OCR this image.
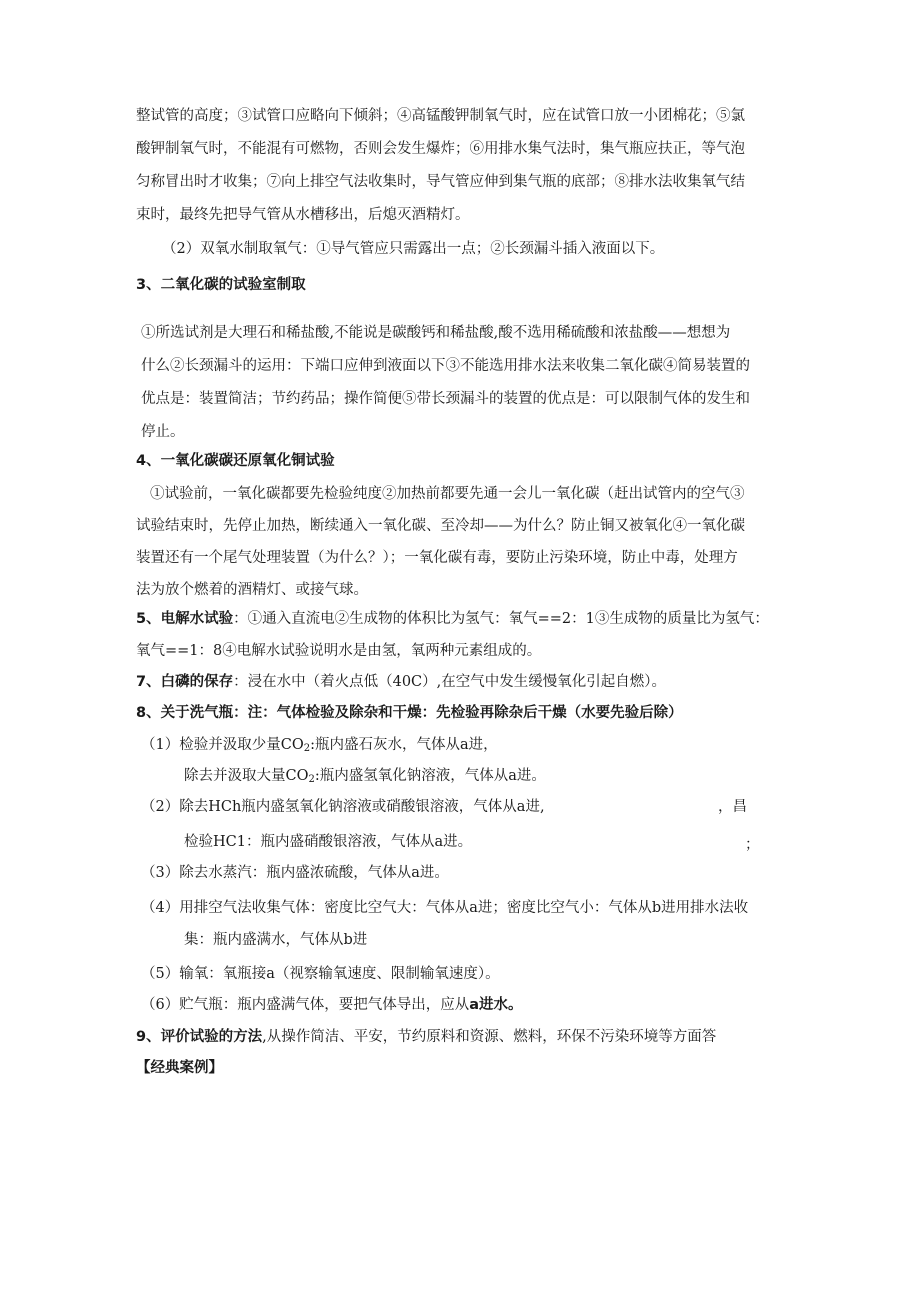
整试管的高度；③试管口应略向下倾斜；④高锰酸钾制氧气时，应在试管口放一小团棉花；⑤氯
酸钾制氧气时，不能混有可燃物，否则会发生爆炸；⑥用排水集气法时，集气瓶应扶正，等气泡
匀称冒出时才收集；⑦向上排空气法收集时，导气管应伸到集气瓶的底部；⑧排水法收集氧气结
束时，最终先把导气管从水槽移出，后熄灭酒精灯。
（2）双氧水制取氧气：①导气管应只需露出一点；②长颈漏斗插入液面以下。
3、二氧化碳的试验室制取
①所选试剂是大理石和稀盐酸,不能说是碳酸钙和稀盐酸,酸不选用稀硫酸和浓盐酸——想想为
什么②长颈漏斗的运用：下端口应伸到液面以下③不能选用排水法来收集二氧化碳④简易装置的
优点是：装置简洁；节约药品；操作简便⑤带长颈漏斗的装置的优点是：可以限制气体的发生和
停止。
4、一氧化碳碳还原氧化铜试验
①试验前，一氧化碳都要先检验纯度②加热前都要先通一会儿一氧化碳（赶出试管内的空气③
试验结束时，先停止加热，断续通入一氧化碳、至冷却——为什么？防止铜又被氧化④一氧化碳
装置还有一个尾气处理装置（为什么？）；一氧化碳有毒，要防止污染环境，防止中毒，处理方
法为放个燃着的酒精灯、或接气球。
5、电解水试验：①通入直流电②生成物的体积比为氢气：氧气==2：1③生成物的质量比为氢气：
氧气==1：8④电解水试验说明水是由氢，氧两种元素组成的。
7、白磷的保存：浸在水中（着火点低（40C）,在空气中发生缓慢氧化引起自燃）。
8、关于洗气瓶：注：气体检验及除杂和干燥：先检验再除杂后干燥（水要先验后除）
（1）检验并汲取少量$CO_2$:瓶内盛石灰水，气体从a进，
除去并汲取大量$CO_2$:瓶内盛氢氧化钠溶液，气体从a进。
（2）除去HCh瓶内盛氢氧化钠溶液或硝酸银溶液，气体从a进,	，昌
检验HC1：瓶内盛硝酸银溶液，气体从a进。	；
（3）除去水蒸汽：瓶内盛浓硫酸，气体从a进。
（4）用排空气法收集气体：密度比空气大：气体从a进；密度比空气小：气体从b进用排水法收
集：瓶内盛满水，气体从b进
（5）输氧：氧瓶接a（视察输氧速度、限制输氧速度）。
（6）贮气瓶：瓶内盛满气体，要把气体导出，应从a进水。
9、评价试验的方法,从操作简洁、平安，节约原料和资源、燃料，环保不污染环境等方面答
【经典案例】
